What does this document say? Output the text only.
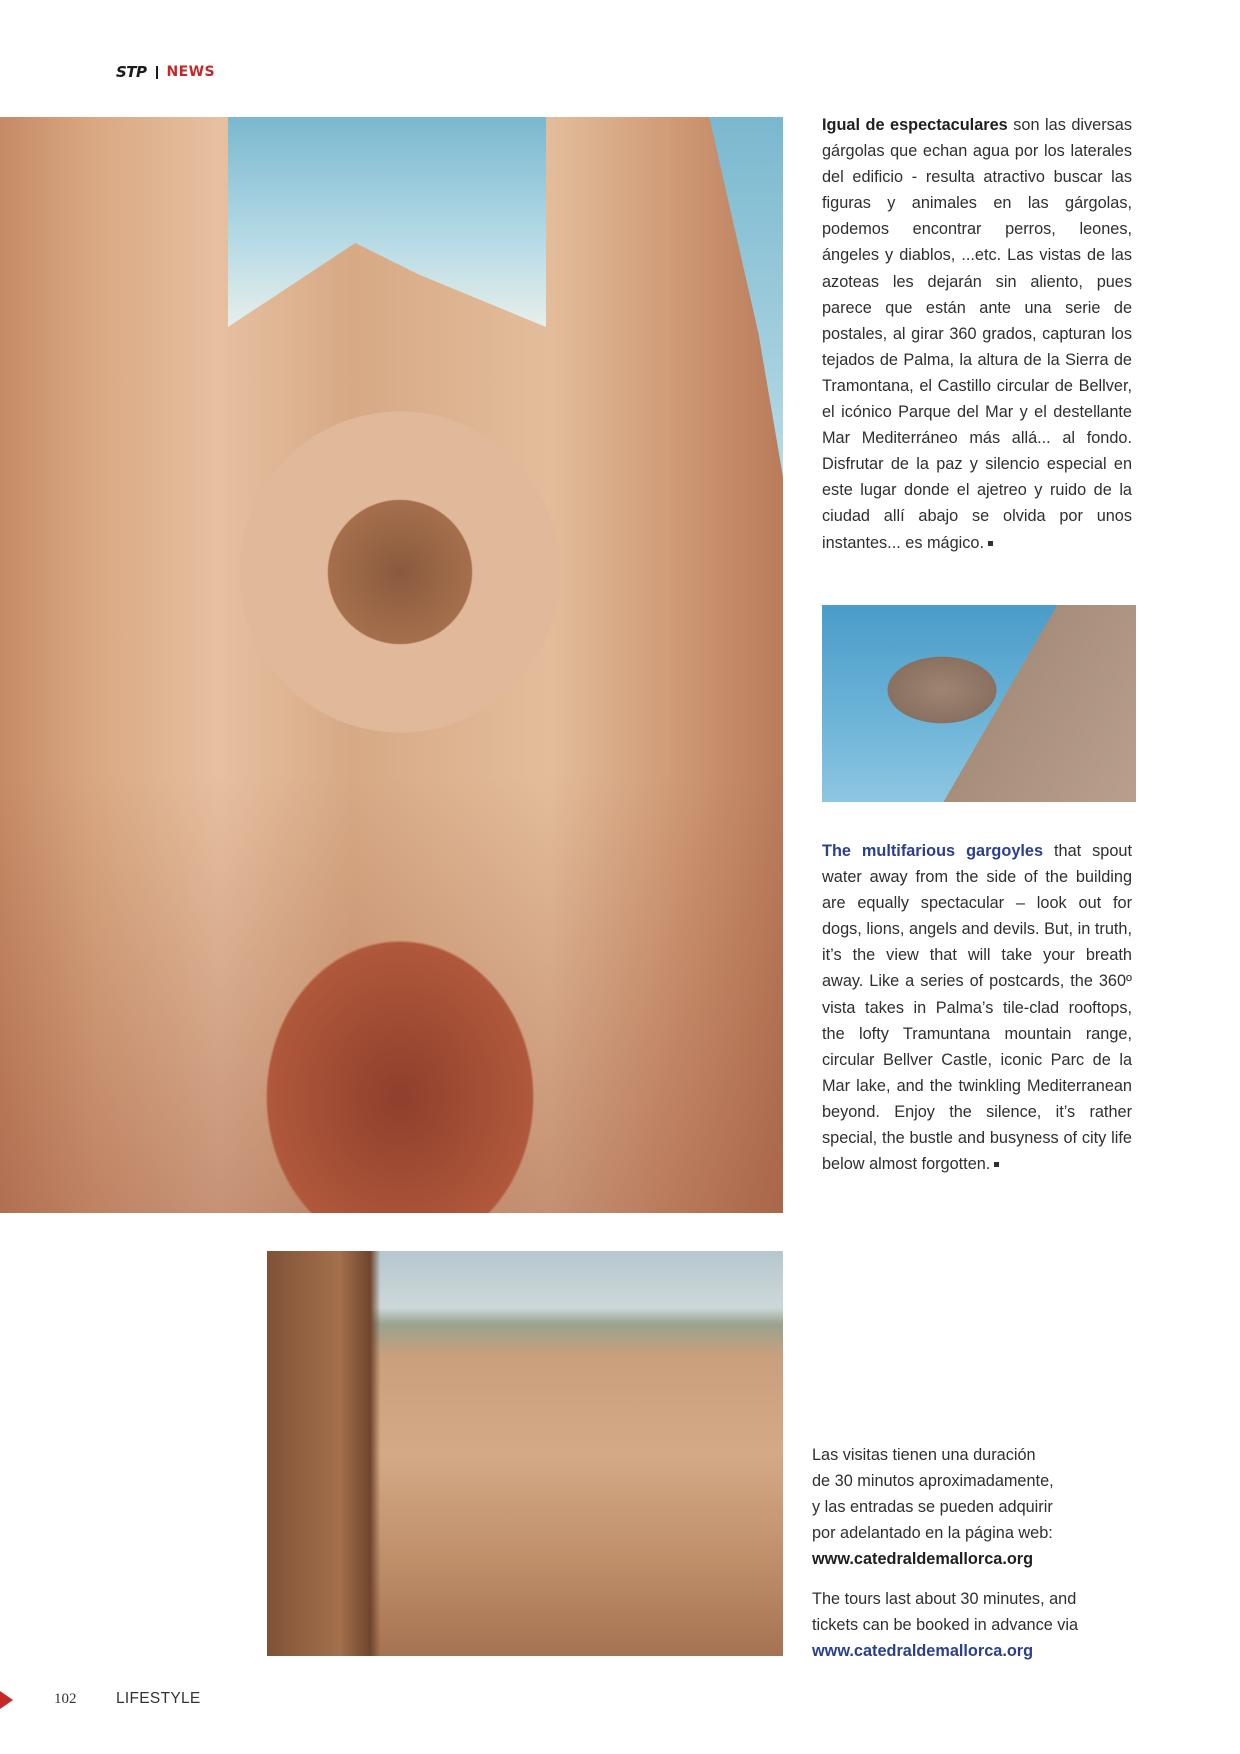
STP NEWS
Igual de espectaculares son las diversas gárgolas que echan agua por los laterales del edificio - resulta atractivo buscar las figuras y animales en las gárgolas, podemos encontrar perros, leones, ángeles y diablos, ...etc. Las vistas de las azoteas les dejarán sin aliento, pues parece que están ante una serie de postales, al girar 360 grados, capturan los tejados de Palma, la altura de la Sierra de Tramontana, el Castillo circular de Bellver, el icónico Parque del Mar y el destellante Mar Mediterráneo más allá... al fondo. Disfrutar de la paz y silencio especial en este lugar donde el ajetreo y ruido de la ciudad allí abajo se olvida por unos instantes... es mágico.
The multifarious gargoyles that spout water away from the side of the building are equally spectacular – look out for dogs, lions, angels and devils. But, in truth, it’s the view that will take your breath away. Like a series of postcards, the 360º vista takes in Palma’s tile-clad rooftops, the lofty Tramuntana mountain range, circular Bellver Castle, iconic Parc de la Mar lake, and the twinkling Mediterranean beyond. Enjoy the silence, it’s rather special, the bustle and busyness of city life below almost forgotten.

Las visitas tienen una duración
de 30 minutos aproximadamente,
y las entradas se pueden adquirir
por adelantado en la página web:
www.catedraldemallorca.org

The tours last about 30 minutes, and
tickets can be booked in advance via
www.catedraldemallorca.org

102	LIFESTYLE
